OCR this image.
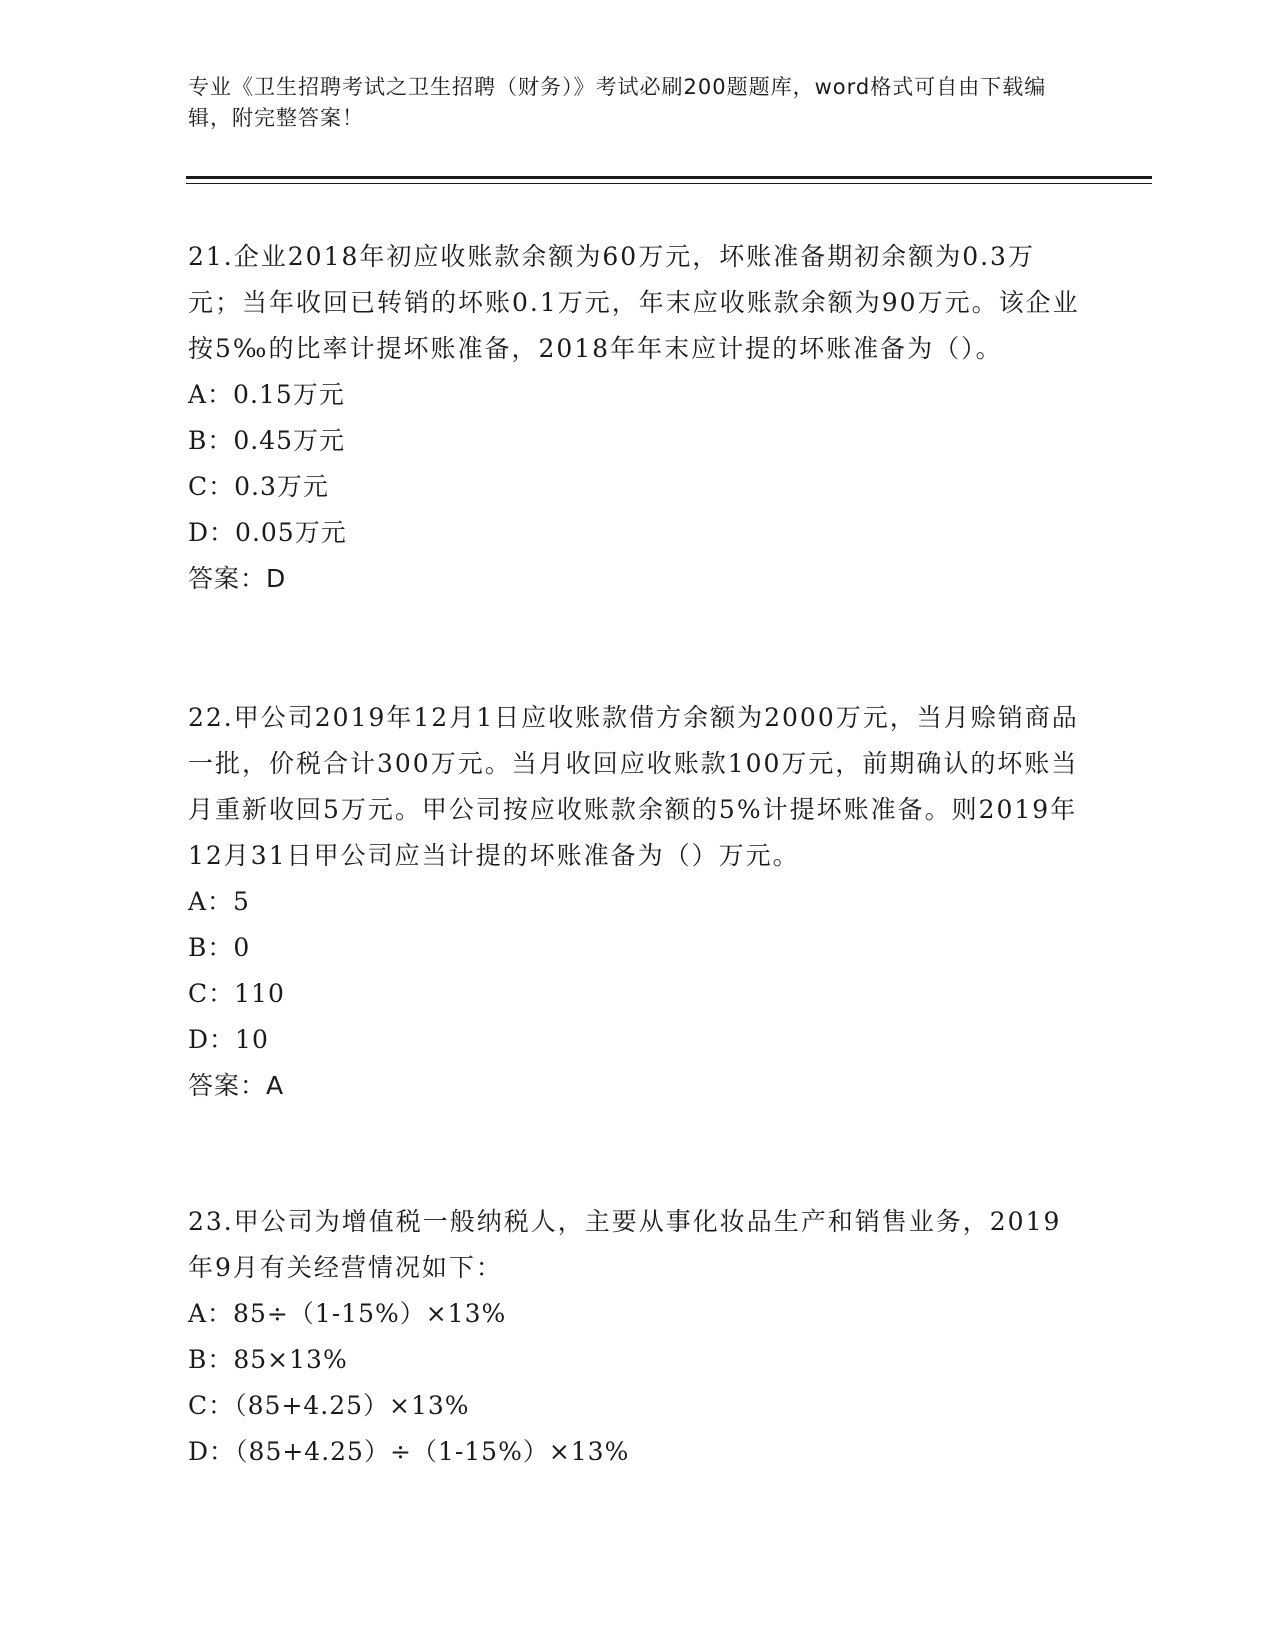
专业《卫生招聘考试之卫生招聘（财务）》考试必刷200题题库，word格式可自由下载编辑，附完整答案！

21.企业2018年初应收账款余额为60万元，坏账准备期初余额为0.3万元；当年收回已转销的坏账0.1万元，年末应收账款余额为90万元。该企业按5‰的比率计提坏账准备，2018年年末应计提的坏账准备为（）。

A：0.15万元

B：0.45万元

C：0.3万元

D：0.05万元

答案：D

22.甲公司2019年12月1日应收账款借方余额为2000万元，当月赊销商品一批，价税合计300万元。当月收回应收账款100万元，前期确认的坏账当月重新收回5万元。甲公司按应收账款余额的5%计提坏账准备。则2019年12月31日甲公司应当计提的坏账准备为（）万元。

A：5

B：0

C：110

D：10

答案：A

23.甲公司为增值税一般纳税人，主要从事化妆品生产和销售业务，2019年9月有关经营情况如下：

A：85÷（1-15%）×13%

B：85×13%

C：（85+4.25）×13%

D：（85+4.25）÷（1-15%）×13%
